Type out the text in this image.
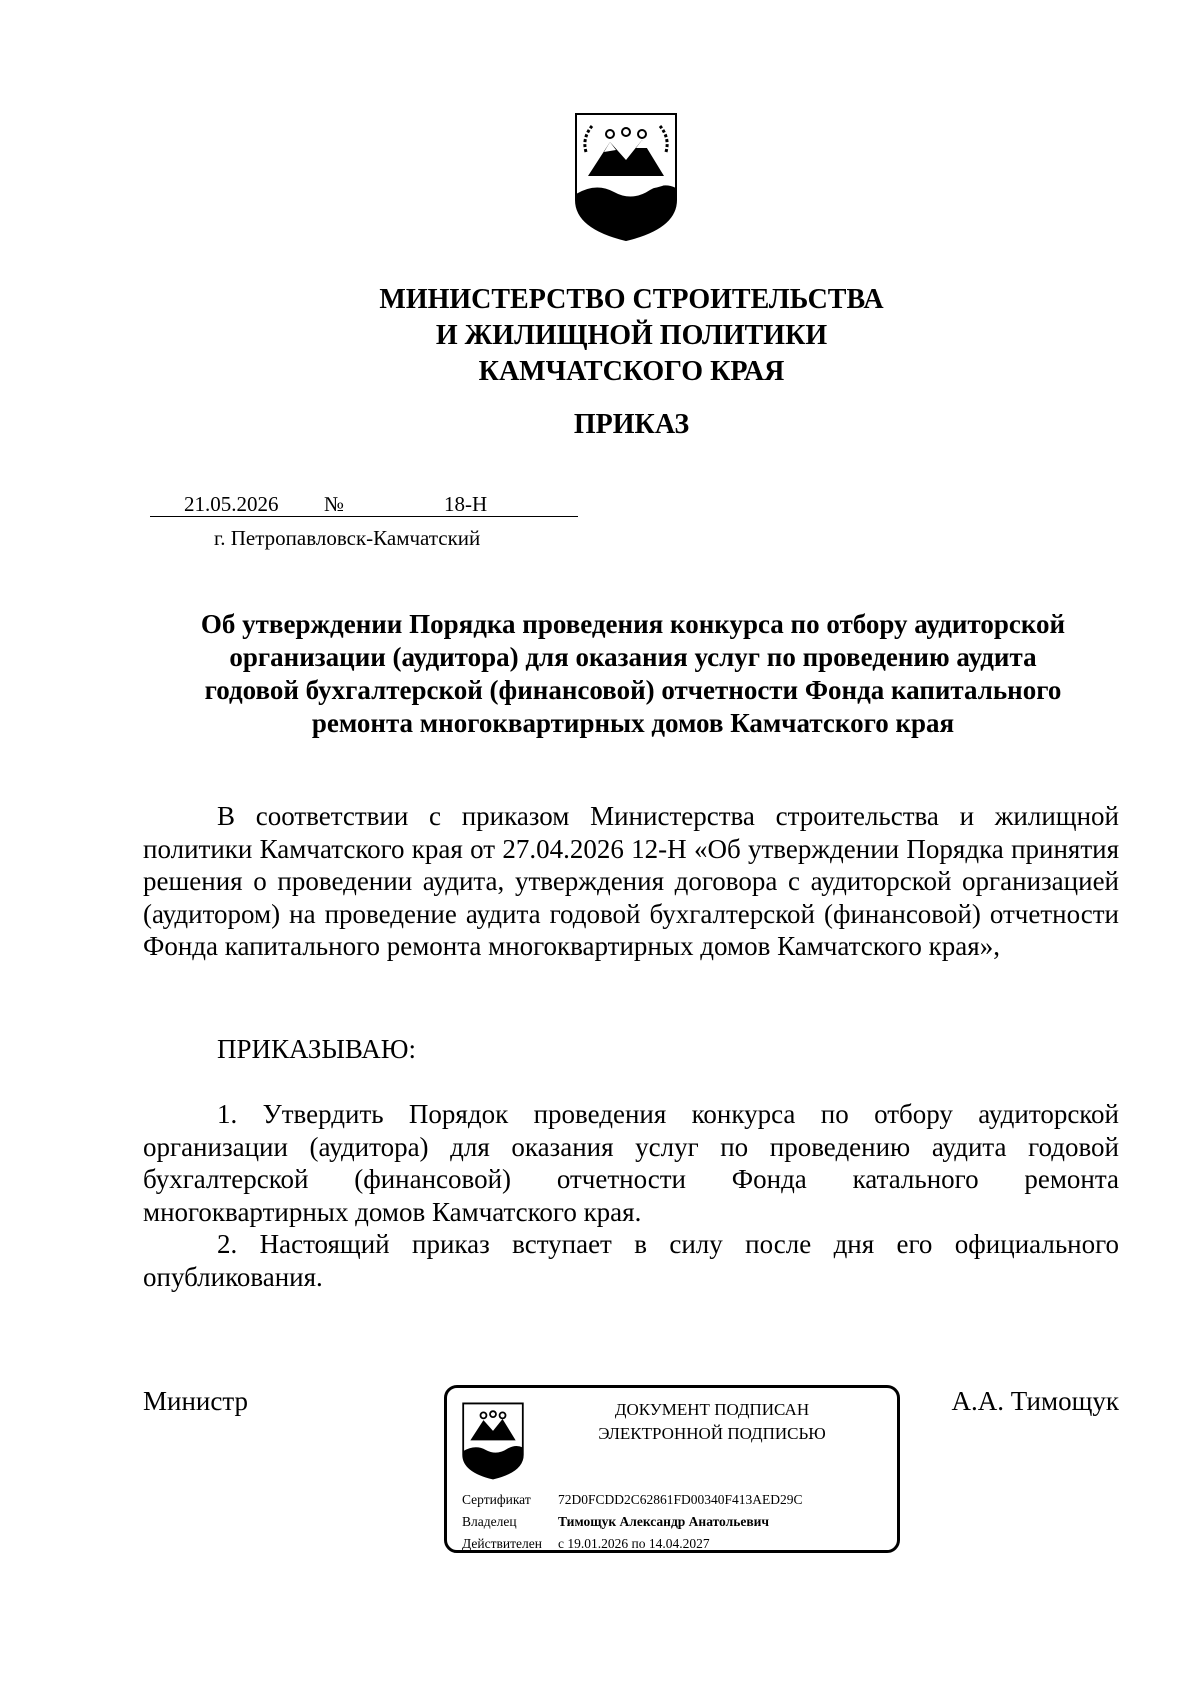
МИНИСТЕРСТВО СТРОИТЕЛЬСТВА
И ЖИЛИЩНОЙ ПОЛИТИКИ
КАМЧАТСКОГО КРАЯ
ПРИКАЗ
21.05.2026 №	18-Н
г. Петропавловск-Камчатский
Об утверждении Порядка проведения конкурса по отбору аудиторской
организации (аудитора) для оказания услуг по проведению аудита
годовой бухгалтерской (финансовой) отчетности Фонда капитального
ремонта многоквартирных домов Камчатского края
В соответствии с приказом Министерства строительства и жилищной политики Камчатского края от 27.04.2026 12-Н «Об утверждении Порядка принятия решения о проведении аудита, утверждения договора с аудиторской организацией (аудитором) на проведение аудита годовой бухгалтерской (финансовой) отчетности Фонда капитального ремонта многоквартирных домов Камчатского края»,
ПРИКАЗЫВАЮ:
1. Утвердить Порядок проведения конкурса по отбору аудиторской организации (аудитора) для оказания услуг по проведению аудита годовой бухгалтерской (финансовой) отчетности Фонда катального ремонта многоквартирных домов Камчатского края.
2. Настоящий приказ вступает в силу после дня его официального опубликования.
Министр	А.А. Тимощук
ДОКУМЕНТ ПОДПИСАН
ЭЛЕКТРОННОЙ ПОДПИСЬЮ
Сертификат 72D0FCDD2C62861FD00340F413AED29C
Владелец	Тимощук Александр Анатольевич
Действителен с 19.01.2026 по 14.04.2027
